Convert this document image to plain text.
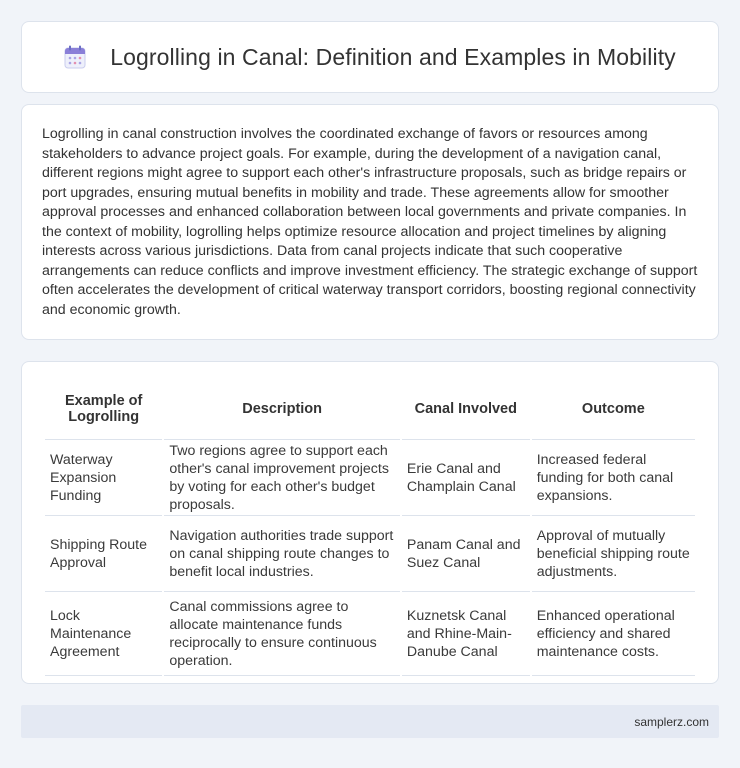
Logrolling in Canal: Definition and Examples in Mobility

Logrolling in canal construction involves the coordinated exchange of favors or resources among stakeholders to advance project goals. For example, during the development of a navigation canal, different regions might agree to support each other's infrastructure proposals, such as bridge repairs or port upgrades, ensuring mutual benefits in mobility and trade. These agreements allow for smoother approval processes and enhanced collaboration between local governments and private companies. In the context of mobility, logrolling helps optimize resource allocation and project timelines by aligning interests across various jurisdictions. Data from canal projects indicate that such cooperative arrangements can reduce conflicts and improve investment efficiency. The strategic exchange of support often accelerates the development of critical waterway transport corridors, boosting regional connectivity and economic growth.

Example of Logrolling	Description	Canal Involved	Outcome
Waterway Expansion Funding	Two regions agree to support each other's canal improvement projects by voting for each other's budget proposals.	Erie Canal and Champlain Canal	Increased federal funding for both canal expansions.
Shipping Route Approval	Navigation authorities trade support on canal shipping route changes to benefit local industries.	Panam Canal and Suez Canal	Approval of mutually beneficial shipping route adjustments.
Lock Maintenance Agreement	Canal commissions agree to allocate maintenance funds reciprocally to ensure continuous operation.	Kuznetsk Canal and Rhine-Main-Danube Canal	Enhanced operational efficiency and shared maintenance costs.
samplerz.com
